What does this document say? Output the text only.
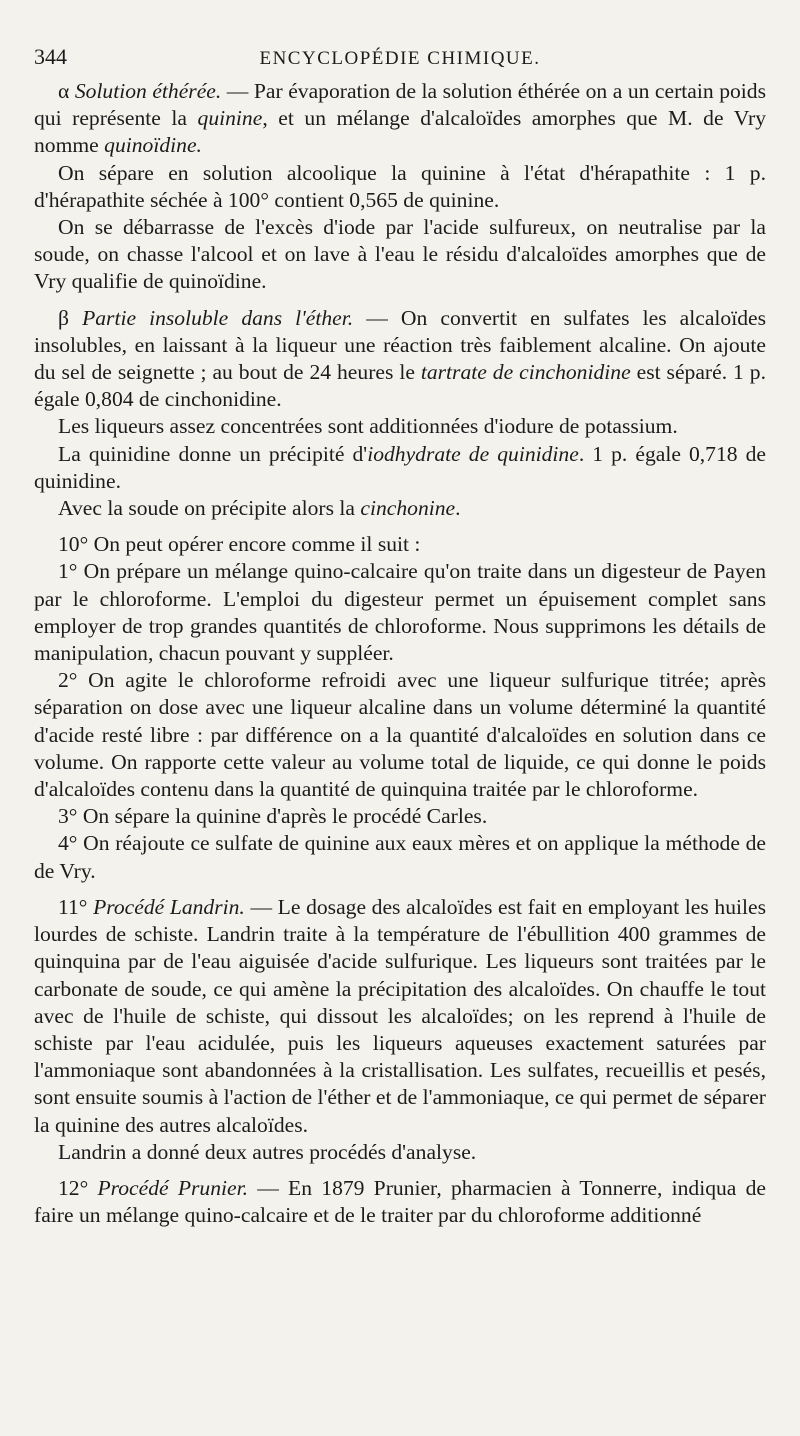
344	ENCYCLOPÉDIE CHIMIQUE.

α Solution éthérée. — Par évaporation de la solution éthérée on a un certain poids qui représente la quinine, et un mélange d'alcaloïdes amorphes que M. de Vry nomme quinoïdine.

On sépare en solution alcoolique la quinine à l'état d'hérapathite : 1 p. d'hérapathite séchée à 100° contient 0,565 de quinine.

On se débarrasse de l'excès d'iode par l'acide sulfureux, on neutralise par la soude, on chasse l'alcool et on lave à l'eau le résidu d'alcaloïdes amorphes que de Vry qualifie de quinoïdine.

β Partie insoluble dans l'éther. — On convertit en sulfates les alcaloïdes insolubles, en laissant à la liqueur une réaction très faiblement alcaline. On ajoute du sel de seignette ; au bout de 24 heures le tartrate de cinchonidine est séparé. 1 p. égale 0,804 de cinchonidine.

Les liqueurs assez concentrées sont additionnées d'iodure de potassium.

La quinidine donne un précipité d'iodhydrate de quinidine. 1 p. égale 0,718 de quinidine.

Avec la soude on précipite alors la cinchonine.

10° On peut opérer encore comme il suit :

1° On prépare un mélange quino-calcaire qu'on traite dans un digesteur de Payen par le chloroforme. L'emploi du digesteur permet un épuisement complet sans employer de trop grandes quantités de chloroforme. Nous supprimons les détails de manipulation, chacun pouvant y suppléer.

2° On agite le chloroforme refroidi avec une liqueur sulfurique titrée; après séparation on dose avec une liqueur alcaline dans un volume déterminé la quantité d'acide resté libre : par différence on a la quantité d'alcaloïdes en solution dans ce volume. On rapporte cette valeur au volume total de liquide, ce qui donne le poids d'alcaloïdes contenu dans la quantité de quinquina traitée par le chloroforme.

3° On sépare la quinine d'après le procédé Carles.

4° On réajoute ce sulfate de quinine aux eaux mères et on applique la méthode de de Vry.

11° Procédé Landrin. — Le dosage des alcaloïdes est fait en employant les huiles lourdes de schiste. Landrin traite à la température de l'ébullition 400 grammes de quinquina par de l'eau aiguisée d'acide sulfurique. Les liqueurs sont traitées par le carbonate de soude, ce qui amène la précipitation des alcaloïdes. On chauffe le tout avec de l'huile de schiste, qui dissout les alcaloïdes; on les reprend à l'huile de schiste par l'eau acidulée, puis les liqueurs aqueuses exactement saturées par l'ammoniaque sont abandonnées à la cristallisation. Les sulfates, recueillis et pesés, sont ensuite soumis à l'action de l'éther et de l'ammoniaque, ce qui permet de séparer la quinine des autres alcaloïdes.

Landrin a donné deux autres procédés d'analyse.

12° Procédé Prunier. — En 1879 Prunier, pharmacien à Tonnerre, indiqua de faire un mélange quino-calcaire et de le traiter par du chloroforme additionné
